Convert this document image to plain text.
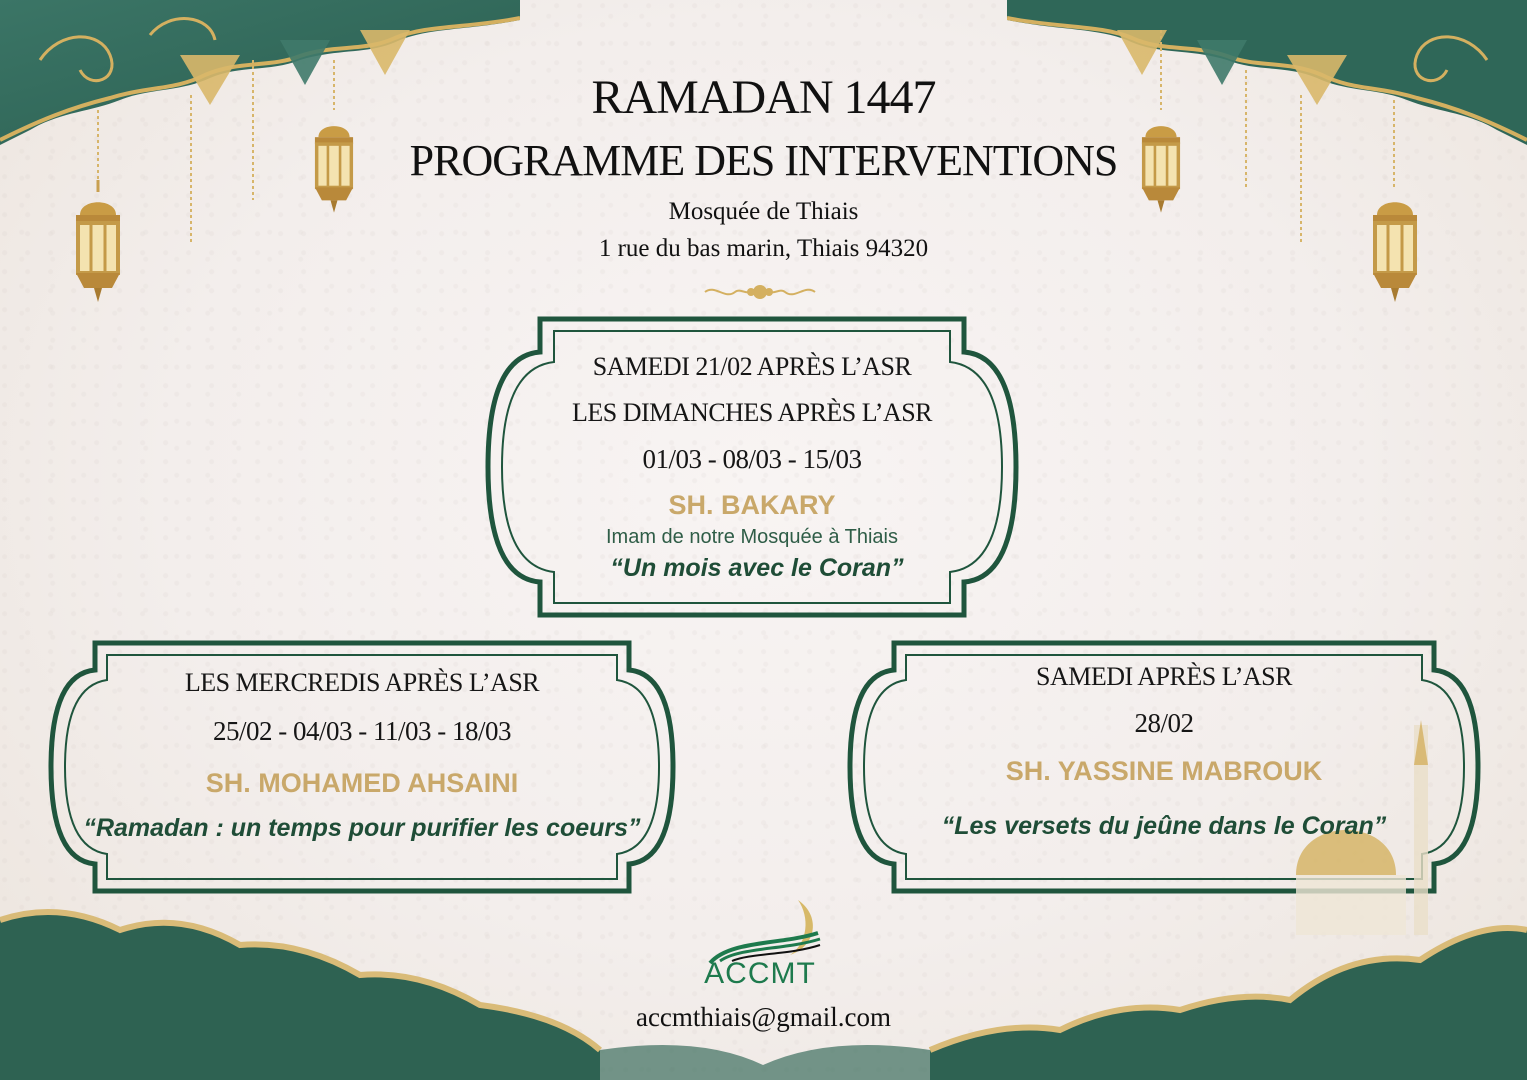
RAMADAN 1447
PROGRAMME DES INTERVENTIONS
Mosquée de Thiais
1 rue du bas marin, Thiais 94320
SAMEDI 21/02 APRÈS L’ASR
LES DIMANCHES APRÈS L’ASR
01/03 - 08/03 - 15/03
SH. BAKARY
Imam de notre Mosquée à Thiais
“Un mois avec le Coran”
LES MERCREDIS APRÈS L’ASR
25/02 - 04/03 - 11/03 - 18/03
SH. MOHAMED AHSAINI
“Ramadan : un temps pour purifier les coeurs”
SAMEDI APRÈS L’ASR
28/02
SH. YASSINE MABROUK
“Les versets du jeûne dans le Coran”
ACCMT
accmthiais@gmail.com
